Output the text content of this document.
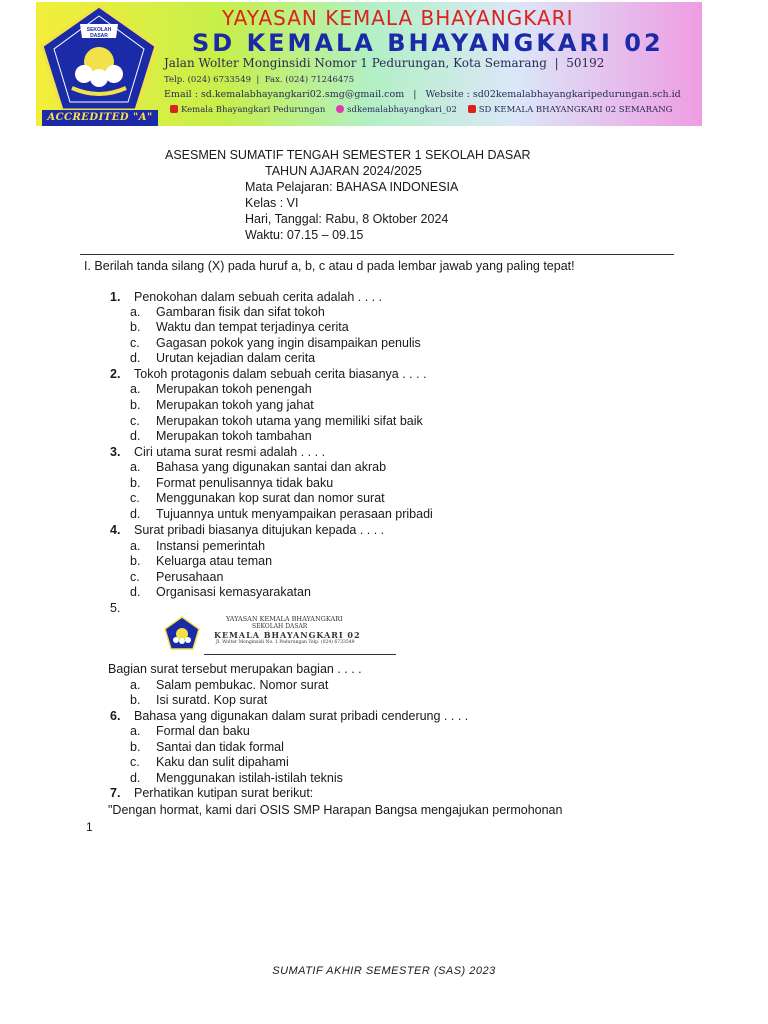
SEKOLAH DASAR
ACCREDITED "A"
YAYASAN KEMALA BHAYANGKARI
SD KEMALA BHAYANGKARI 02
Jalan Wolter Monginsidi Nomor 1 Pedurungan, Kota Semarang  |  50192
Telp. (024) 6733549  |  Fax. (024) 71246475
Email : sd.kemalabhayangkari02.smg@gmail.com   |   Website : sd02kemalabhayangkaripedurungan.sch.id
Kemala Bhayangkari Pedurungan	sdkemalabhayangkari_02	SD KEMALA BHAYANGKARI 02 SEMARANG
ASESMEN SUMATIF TENGAH SEMESTER 1 SEKOLAH DASAR
TAHUN AJARAN 2024/2025
Mata Pelajaran: BAHASA INDONESIA
Kelas : VI
Hari, Tanggal: Rabu, 8 Oktober 2024
Waktu: 07.15 – 09.15
I. Berilah tanda silang (X) pada huruf a, b, c atau d pada lembar jawab yang paling tepat!
1. Penokohan dalam sebuah cerita adalah . . . .
a. Gambaran fisik dan sifat tokoh
b. Waktu dan tempat terjadinya cerita
c. Gagasan pokok yang ingin disampaikan penulis
d. Urutan kejadian dalam cerita
2. Tokoh protagonis dalam sebuah cerita biasanya . . . .
a. Merupakan tokoh penengah
b. Merupakan tokoh yang jahat
c. Merupakan tokoh utama yang memiliki sifat baik
d. Merupakan tokoh tambahan
3. Ciri utama surat resmi adalah . . . .
a. Bahasa yang digunakan santai dan akrab
b. Format penulisannya tidak baku
c. Menggunakan kop surat dan nomor surat
d. Tujuannya untuk menyampaikan perasaan pribadi
4. Surat pribadi biasanya ditujukan kepada . . . .
a. Instansi pemerintah
b. Keluarga atau teman
c. Perusahaan
d. Organisasi kemasyarakatan
5.
YAYASAN KEMALA BHAYANGKARI
SEKOLAH DASAR
KEMALA BHAYANGKARI 02
Jl. Wolter Monginsidi No. 1 Pedurungan Telp. (024) 6733549
Bagian surat tersebut merupakan bagian . . . .
a. Salam pembukac. Nomor surat
b. Isi suratd. Kop surat
6. Bahasa yang digunakan dalam surat pribadi cenderung . . . .
a. Formal dan baku
b. Santai dan tidak formal
c. Kaku dan sulit dipahami
d. Menggunakan istilah-istilah teknis
7. Perhatikan kutipan surat berikut:
"Dengan hormat, kami dari OSIS SMP Harapan Bangsa mengajukan permohonan
1
SUMATIF AKHIR SEMESTER (SAS) 2023
